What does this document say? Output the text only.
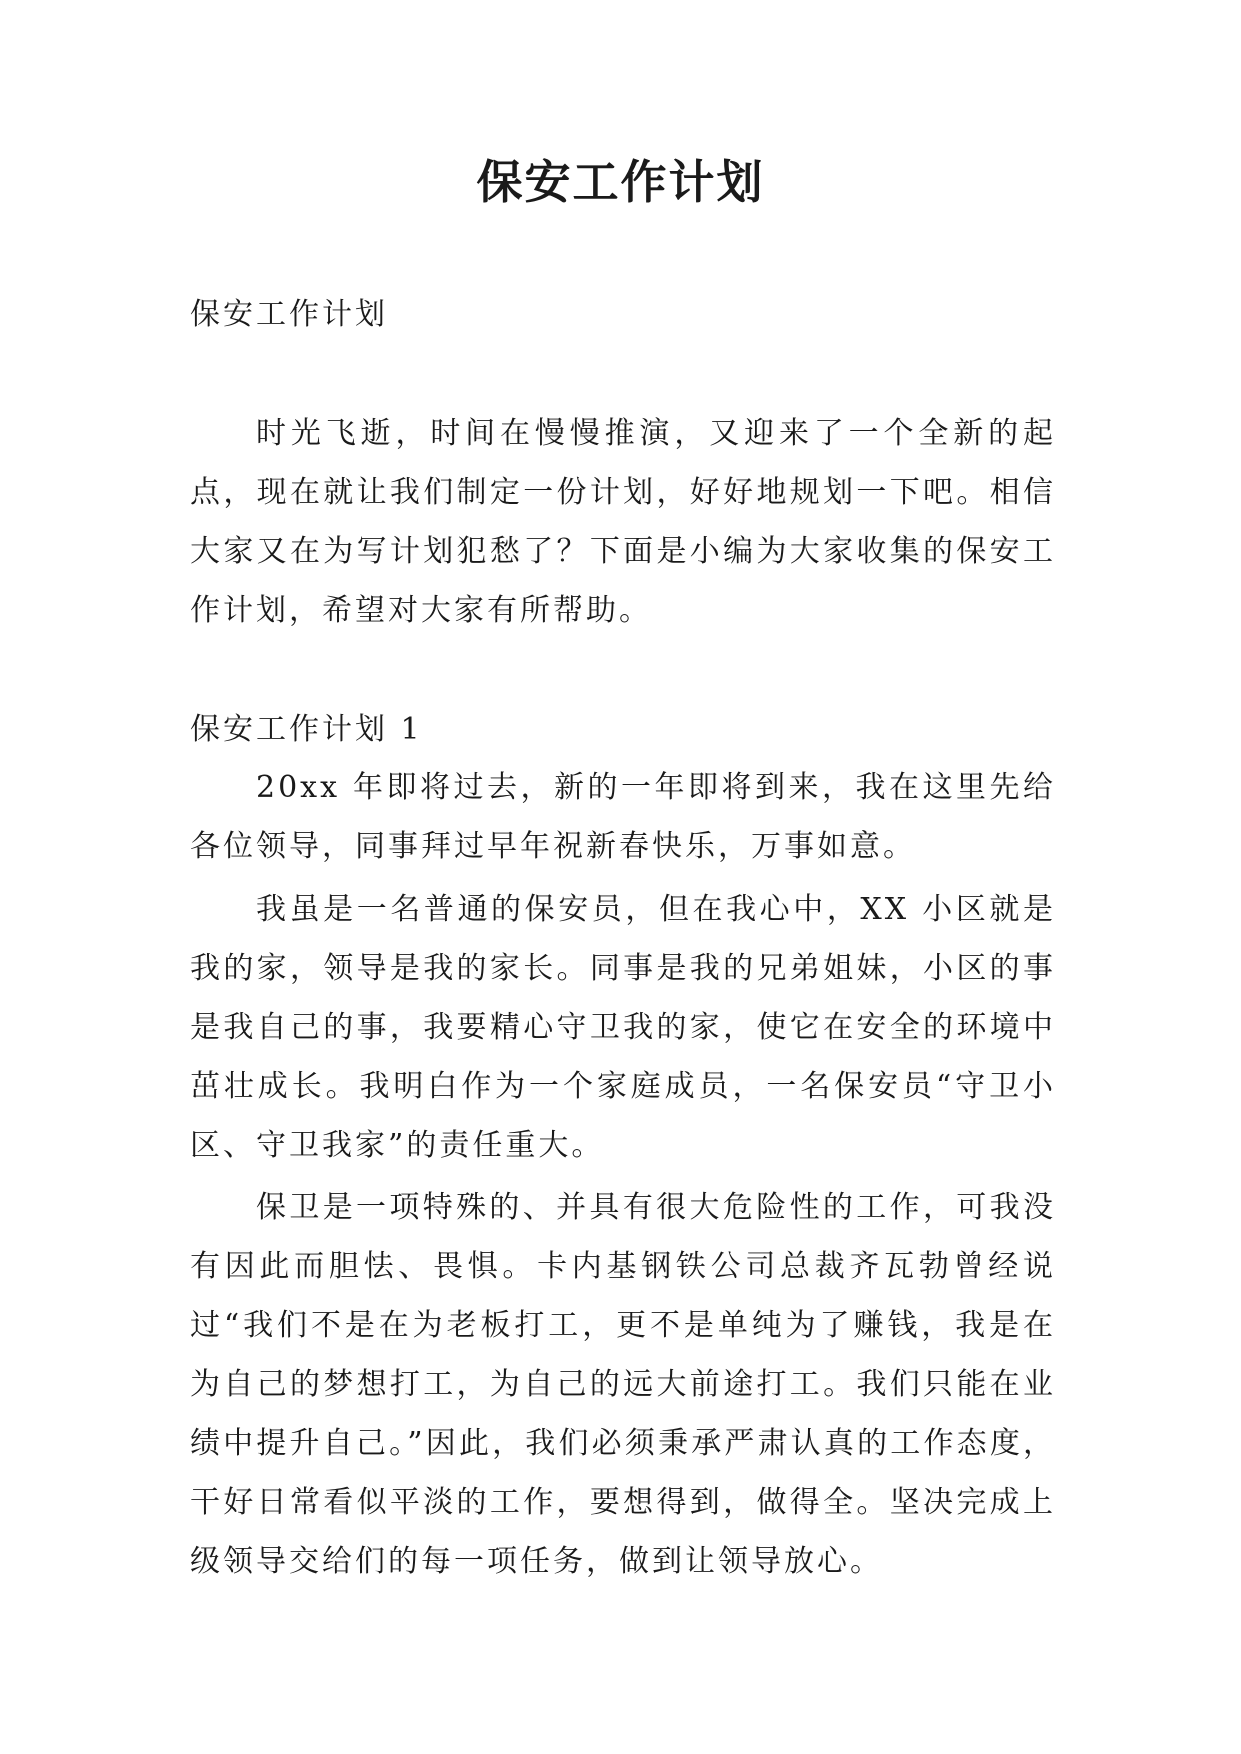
保安工作计划

保安工作计划

时光飞逝，时间在慢慢推演，又迎来了一个全新的起点，现在就让我们制定一份计划，好好地规划一下吧。相信大家又在为写计划犯愁了？下面是小编为大家收集的保安工作计划，希望对大家有所帮助。

保安工作计划 1

20xx 年即将过去，新的一年即将到来，我在这里先给各位领导，同事拜过早年祝新春快乐，万事如意。

我虽是一名普通的保安员，但在我心中，XX 小区就是我的家，领导是我的家长。同事是我的兄弟姐妹，小区的事是我自己的事，我要精心守卫我的家，使它在安全的环境中茁壮成长。我明白作为一个家庭成员，一名保安员“守卫小区、守卫我家”的责任重大。

保卫是一项特殊的、并具有很大危险性的工作，可我没有因此而胆怯、畏惧。卡内基钢铁公司总裁齐瓦勃曾经说过“我们不是在为老板打工，更不是单纯为了赚钱，我是在为自己的梦想打工，为自己的远大前途打工。我们只能在业绩中提升自己。”因此，我们必须秉承严肃认真的工作态度，干好日常看似平淡的工作，要想得到，做得全。坚决完成上级领导交给们的每一项任务，做到让领导放心。
